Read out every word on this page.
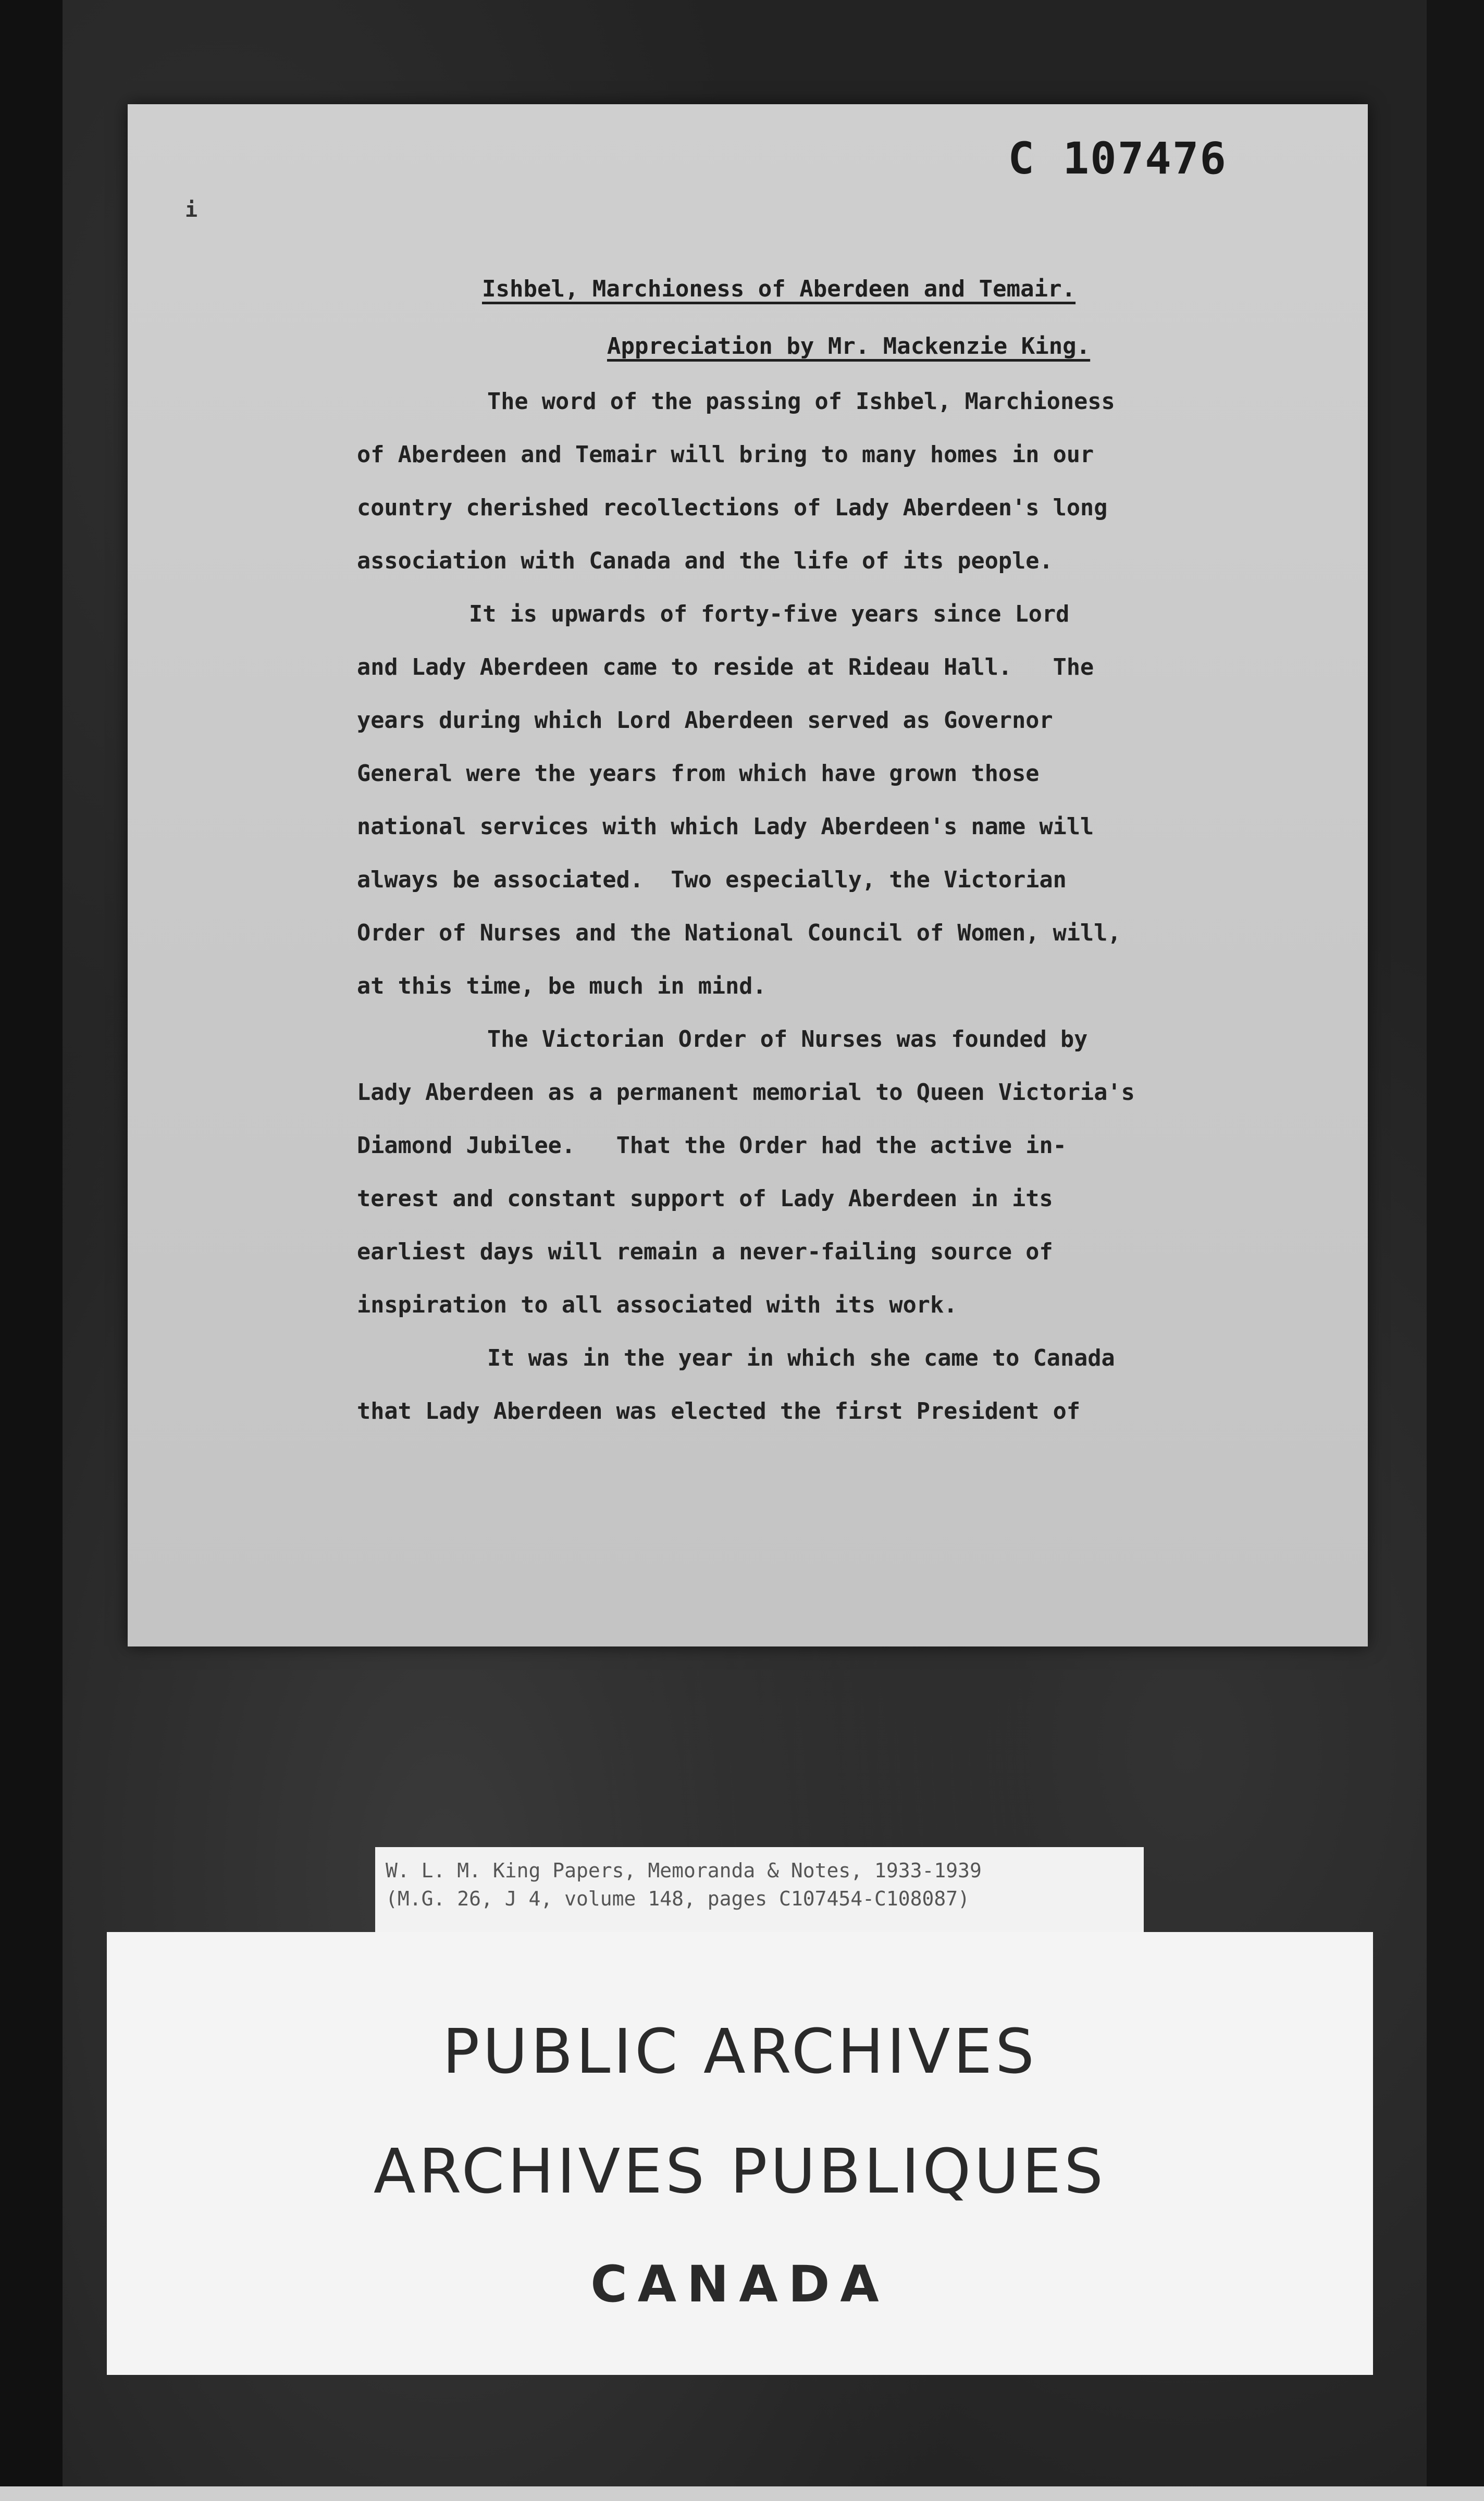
C 107476
i
Ishbel, Marchioness of Aberdeen and Temair.
Appreciation by Mr. Mackenzie King.
The word of the passing of Ishbel, Marchioness
of Aberdeen and Temair will bring to many homes in our
country cherished recollections of Lady Aberdeen's long
association with Canada and the life of its people.
It is upwards of forty-five years since Lord
and Lady Aberdeen came to reside at Rideau Hall.   The
years during which Lord Aberdeen served as Governor
General were the years from which have grown those
national services with which Lady Aberdeen's name will
always be associated.  Two especially, the Victorian
Order of Nurses and the National Council of Women, will,
at this time, be much in mind.
The Victorian Order of Nurses was founded by
Lady Aberdeen as a permanent memorial to Queen Victoria's
Diamond Jubilee.   That the Order had the active in-
terest and constant support of Lady Aberdeen in its
earliest days will remain a never-failing source of
inspiration to all associated with its work.
It was in the year in which she came to Canada
that Lady Aberdeen was elected the first President of
W. L. M. King Papers, Memoranda & Notes, 1933-1939
(M.G. 26, J 4, volume 148, pages C107454-C108087)
PUBLIC ARCHIVES
ARCHIVES PUBLIQUES
CANADA
